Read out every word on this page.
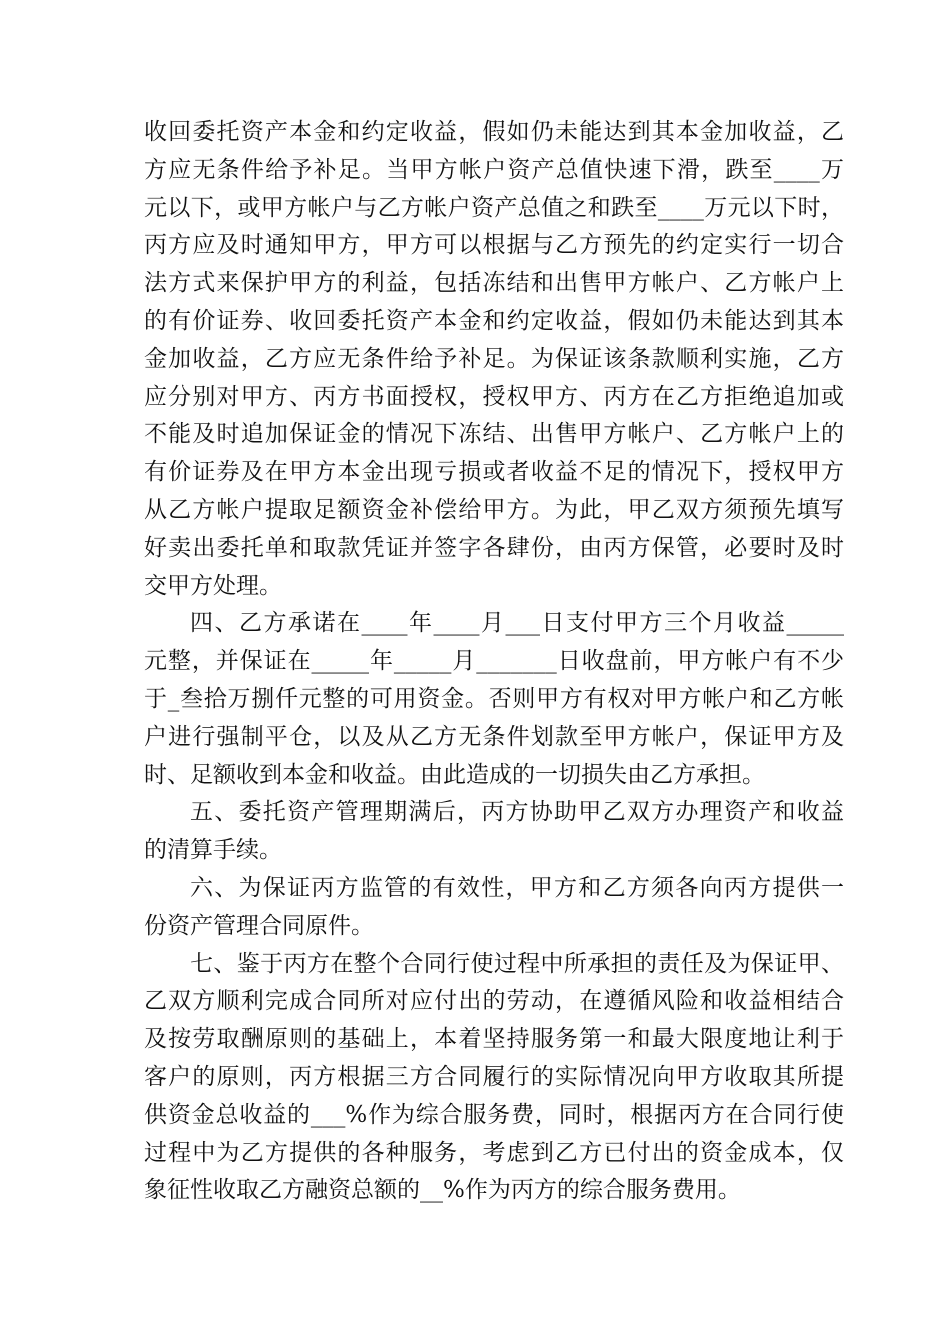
收回委托资产本金和约定收益，假如仍未能达到其本金加收益，乙
方应无条件给予补足。当甲方帐户资产总值快速下滑，跌至____万
元以下，或甲方帐户与乙方帐户资产总值之和跌至____万元以下时，
丙方应及时通知甲方，甲方可以根据与乙方预先的约定实行一切合
法方式来保护甲方的利益，包括冻结和出售甲方帐户、乙方帐户上
的有价证券、收回委托资产本金和约定收益，假如仍未能达到其本
金加收益，乙方应无条件给予补足。为保证该条款顺利实施，乙方
应分别对甲方、丙方书面授权，授权甲方、丙方在乙方拒绝追加或
不能及时追加保证金的情况下冻结、出售甲方帐户、乙方帐户上的
有价证券及在甲方本金出现亏损或者收益不足的情况下，授权甲方
从乙方帐户提取足额资金补偿给甲方。为此，甲乙双方须预先填写
好卖出委托单和取款凭证并签字各肆份，由丙方保管，必要时及时
交甲方处理。
四、乙方承诺在____年____月___日支付甲方三个月收益_____
元整，并保证在_____年_____月_______日收盘前，甲方帐户有不少
于_叁拾万捌仟元整的可用资金。否则甲方有权对甲方帐户和乙方帐
户进行强制平仓，以及从乙方无条件划款至甲方帐户，保证甲方及
时、足额收到本金和收益。由此造成的一切损失由乙方承担。
五、委托资产管理期满后，丙方协助甲乙双方办理资产和收益
的清算手续。
六、为保证丙方监管的有效性，甲方和乙方须各向丙方提供一
份资产管理合同原件。
七、鉴于丙方在整个合同行使过程中所承担的责任及为保证甲、
乙双方顺利完成合同所对应付出的劳动，在遵循风险和收益相结合
及按劳取酬原则的基础上，本着坚持服务第一和最大限度地让利于
客户的原则，丙方根据三方合同履行的实际情况向甲方收取其所提
供资金总收益的___%作为综合服务费，同时，根据丙方在合同行使
过程中为乙方提供的各种服务，考虑到乙方已付出的资金成本，仅
象征性收取乙方融资总额的__%作为丙方的综合服务费用。
